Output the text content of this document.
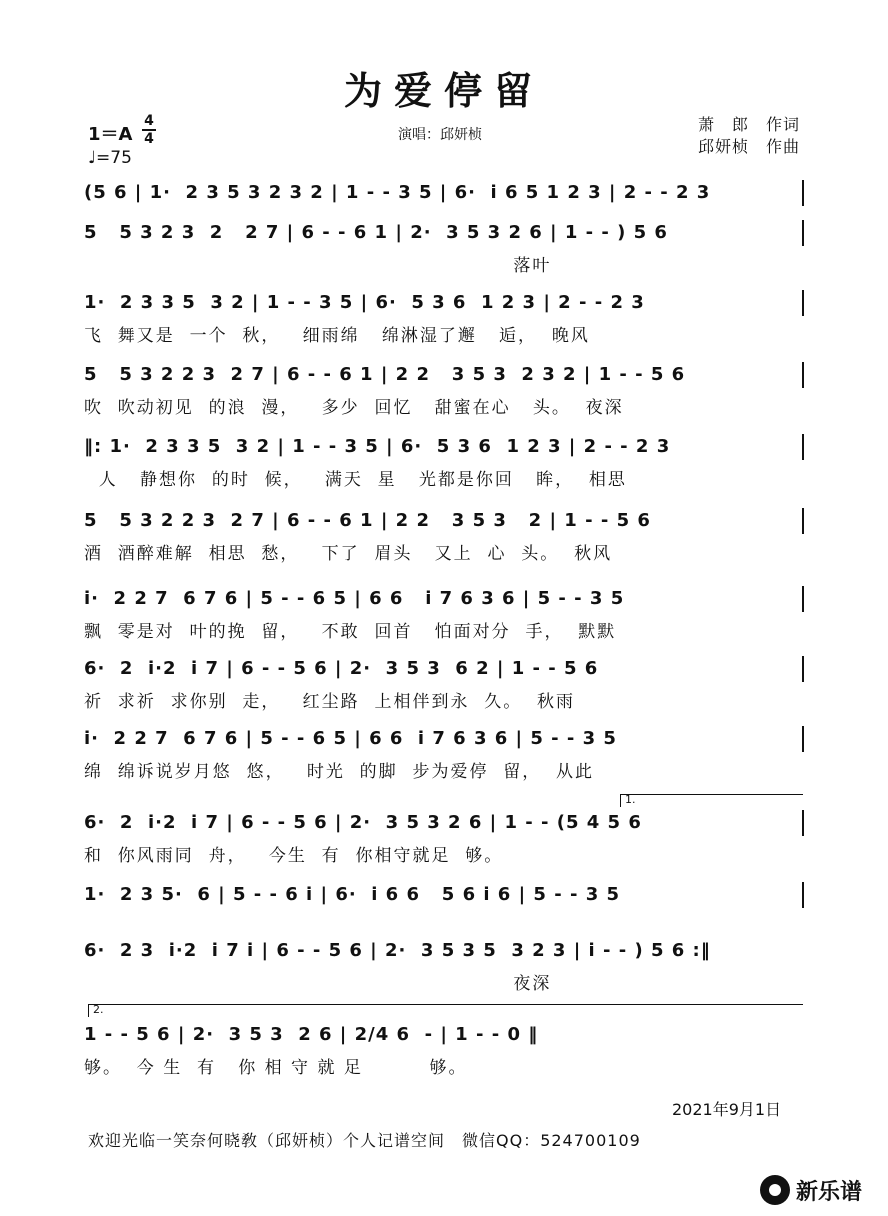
为爱停留
1＝A
4
4
♩=75
演唱：邱妍桢
萧　郎　作词
邱妍桢　作曲
(5 6 | 1·  2 3 5 3 2 3 2 | 1 - - 3 5 | 6·  i 6 5 1 2 3 | 2 - - 2 3
5   5 3 2 3  2   2 7 | 6 - - 6 1 | 2·  3 5 3 2 6 | 1 - - ) 5 6
落叶
1·  2 3 3 5  3 2 | 1 - - 3 5 | 6·  5 3 6  1 2 3 | 2 - - 2 3
飞  舞又是  一个  秋，   细雨绵   绵淋湿了邂   逅，  晚风
5   5 3 2 2 3  2 7 | 6 - - 6 1 | 2 2   3 5 3  2 3 2 | 1 - - 5 6
吹  吹动初见  的浪  漫，   多少  回忆   甜蜜在心   头。  夜深
‖: 1·  2 3 3 5  3 2 | 1 - - 3 5 | 6·  5 3 6  1 2 3 | 2 - - 2 3
人   静想你  的时  候，   满天  星   光都是你回   眸，  相思
5   5 3 2 2 3  2 7 | 6 - - 6 1 | 2 2   3 5 3   2 | 1 - - 5 6
酒  酒醉难解  相思  愁，   下了  眉头   又上  心  头。  秋风
i·  2 2 7  6 7 6 | 5 - - 6 5 | 6 6   i 7 6 3 6 | 5 - - 3 5
飘  零是对  叶的挽  留，   不敢  回首   怕面对分  手，  默默
6·  2  i·2  i 7 | 6 - - 5 6 | 2·  3 5 3  6 2 | 1 - - 5 6
祈  求祈  求你别  走，   红尘路  上相伴到永  久。  秋雨
i·  2 2 7  6 7 6 | 5 - - 6 5 | 6 6  i 7 6 3 6 | 5 - - 3 5
绵  绵诉说岁月悠  悠，   时光  的脚  步为爱停  留，  从此
1.
6·  2  i·2  i 7 | 6 - - 5 6 | 2·  3 5 3 2 6 | 1 - - (5 4 5 6
和  你风雨同  舟，   今生  有  你相守就足  够。
1·  2 3 5·  6 | 5 - - 6 i | 6·  i 6 6   5 6 i 6 | 5 - - 3 5
6·  2 3  i·2  i 7 i | 6 - - 5 6 | 2·  3 5 3 5  3 2 3 | i - - ) 5 6 :‖
夜深
2.
1 - - 5 6 | 2·  3 5 3  2 6 | 2/4 6  - | 1 - - 0 ‖
够。  今 生  有   你 相 守 就 足         够。
2021年9月1日
欢迎光临一笑奈何晓敎（邱妍桢）个人记谱空间　微信QQ：524700109
新乐谱
